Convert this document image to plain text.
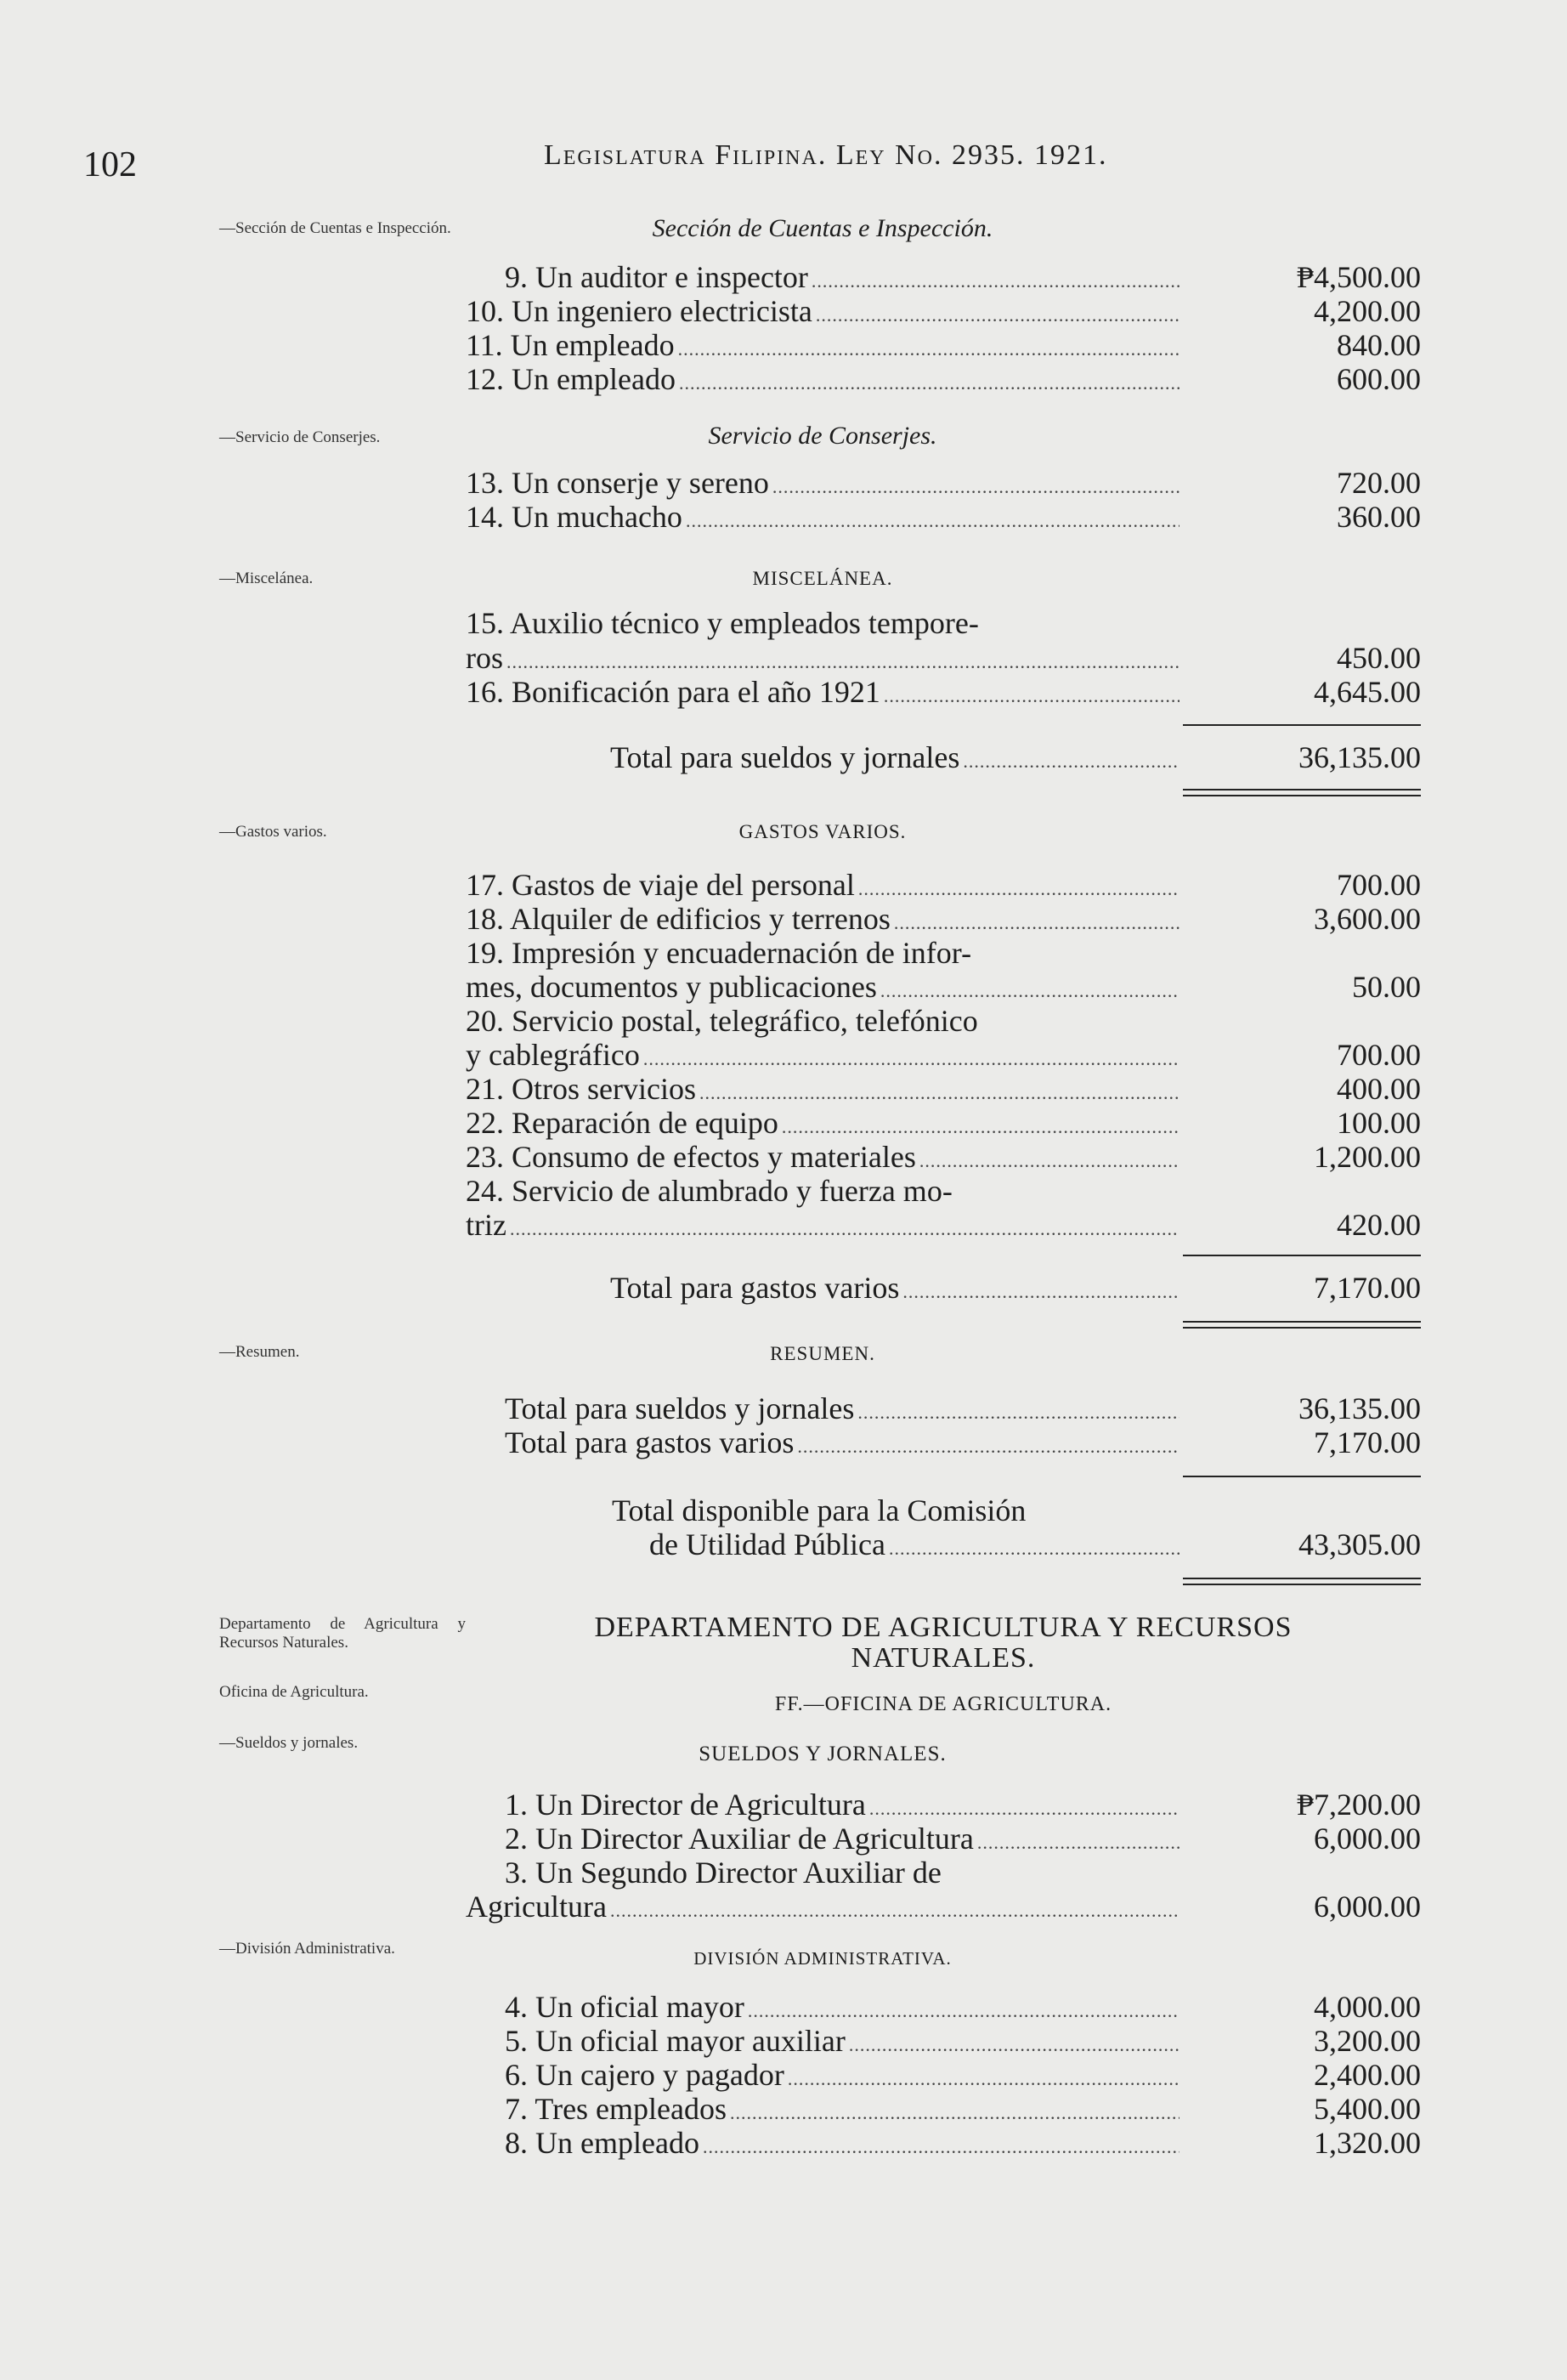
102	Legislatura Filipina. Ley No. 2935. 1921.
—Sección de Cuentas e Inspección.
—Servicio de Conserjes.
—Miscelánea.
—Gastos varios.
—Resumen.
Departamento de Agricultura y Recursos Naturales.
Oficina de Agricultura.
—Sueldos y jornales.
—División Administrativa.
Sección de Cuentas e Inspección.
9. Un auditor e inspector .....	₱4,500.00
10. Un ingeniero electricista .....	4,200.00
11. Un empleado .....	840.00
12. Un empleado .....	600.00
Servicio de Conserjes.
13. Un conserje y sereno .....	720.00
14. Un muchacho .....	360.00
MISCELÁNEA.
15. Auxilio técnico y empleados tempore-
ros .....	450.00
16. Bonificación para el año 1921 .....	4,645.00
Total para sueldos y jornales .....	36,135.00
GASTOS VARIOS.
17. Gastos de viaje del personal .....	700.00
18. Alquiler de edificios y terrenos .....	3,600.00
19. Impresión y encuadernación de infor-
mes, documentos y publicaciones .....	50.00
20. Servicio postal, telegráfico, telefónico
y cablegráfico .....	700.00
21. Otros servicios .....	400.00
22. Reparación de equipo .....	100.00
23. Consumo de efectos y materiales .....	1,200.00
24. Servicio de alumbrado y fuerza mo-
triz .....	420.00
Total para gastos varios .....	7,170.00
RESUMEN.
Total para sueldos y jornales .....	36,135.00
Total para gastos varios .....	7,170.00
Total disponible para la Comisión
de Utilidad Pública .....	43,305.00
DEPARTAMENTO DE AGRICULTURA Y RECURSOS
NATURALES.
FF.—OFICINA DE AGRICULTURA.
SUELDOS Y JORNALES.
1. Un Director de Agricultura .....	₱7,200.00
2. Un Director Auxiliar de Agricultura .....	6,000.00
3. Un Segundo Director Auxiliar de
Agricultura .....	6,000.00
DIVISIÓN ADMINISTRATIVA.
4. Un oficial mayor .....	4,000.00
5. Un oficial mayor auxiliar .....	3,200.00
6. Un cajero y pagador .....	2,400.00
7. Tres empleados .....	5,400.00
8. Un empleado .....	1,320.00
